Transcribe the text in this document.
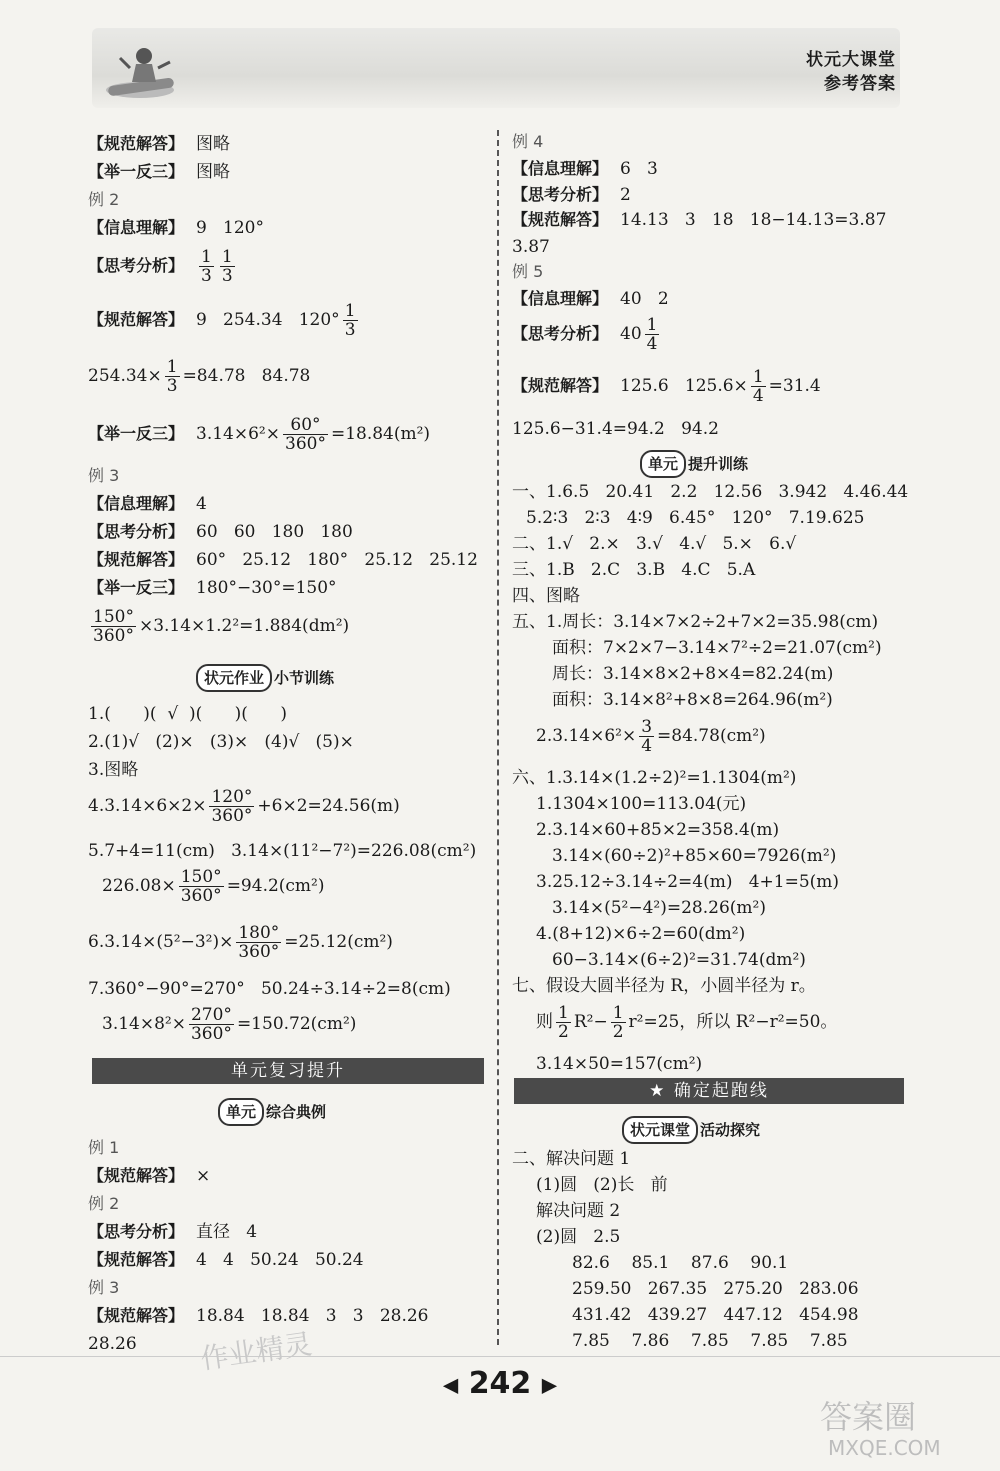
状元大课堂
参考答案
【规范解答】 图略
【举一反三】 图略
例 2
【信息理解】 9   120°
【思考分析】 $\frac{1}{3} \frac{1}{3}$
【规范解答】 9   254.34   $120^\circ \frac{1}{3}$
$254.34\times \frac{1}{3} =84.78$   84.78
【举一反三】 $3.14\times 6^2\times \frac{60^\circ}{360^\circ} =18.84(m^2)$
例 3
【信息理解】 4
【思考分析】 60   60   180   180
【规范解答】 60°   25.12   180°   25.12   25.12
【举一反三】 180°−30°=150°
$\frac{150^\circ}{360^\circ} \times 3.14\times 1.2^2=1.884(dm^2)$
1.(      )(  √  )(      )(      )
2.(1)√   (2)×   (3)×   (4)√   (5)×
3.图略
$4.3.14\times 6\times 2\times \frac{120^\circ}{360^\circ} +6\times 2=24.56(m)$
5.7+4=11(cm)   3.14×(11²−7²)=226.08(cm²)
$226.08\times \frac{150^\circ}{360^\circ} =94.2(cm^2)$
$6.3.14\times(5^2-3^2)\times \frac{180^\circ}{360^\circ} =25.12(cm^2)$
7.360°−90°=270°   50.24÷3.14÷2=8(cm)
$3.14\times 8^2\times \frac{270^\circ}{360^\circ} =150.72(cm^2)$
例 1
【规范解答】 ×
例 2
【思考分析】 直径   4
【规范解答】 4   4   50.24   50.24
例 3
【规范解答】 18.84   18.84   3   3   28.26
28.26
例 4
【信息理解】 6   3
【思考分析】 2
【规范解答】 14.13   3   18   18−14.13=3.87
3.87
例 5
【信息理解】 40   2
【思考分析】 $40 \frac{1}{4}$
【规范解答】 125.6   $125.6\times \frac{1}{4} =31.4$
125.6−31.4=94.2   94.2
一、1.6.5   20.41   2.2   12.56   3.942   4.46.44
5.2∶3   2∶3   4∶9   6.45°   120°   7.19.625
二、1.√   2.×   3.√   4.√   5.×   6.√
三、1.B   2.C   3.B   4.C   5.A
四、图略
五、1.周长：3.14×7×2÷2+7×2=35.98(cm)
面积：7×2×7−3.14×7²÷2=21.07(cm²)
周长：3.14×8×2+8×4=82.24(m)
面积：3.14×8²+8×8=264.96(m²)
$2.3.14\times 6^2\times \frac{3}{4} =84.78(cm^2)$
六、1.3.14×(1.2÷2)²=1.1304(m²)
1.1304×100=113.04(元)
2.3.14×60+85×2=358.4(m)
3.14×(60÷2)²+85×60=7926(m²)
3.25.12÷3.14÷2=4(m)   4+1=5(m)
3.14×(5²−4²)=28.26(m²)
4.(8+12)×6÷2=60(dm²)
60−3.14×(6÷2)²=31.74(dm²)
七、假设大圆半径为 R，小圆半径为 r。
则 $\frac{1}{2} R^2- \frac{1}{2} r^2=25$，所以 R²−r²=50。
3.14×50=157(cm²)
二、解决问题 1
(1)圆   (2)长   前
解决问题 2
(2)圆   2.5
82.6    85.1    87.6    90.1
259.50   267.35   275.20   283.06
431.42   439.27   447.12   454.98
7.85    7.86    7.85    7.85    7.85
状元作业 小节训练
单元复习提升
单元 综合典例
单元 提升训练
★ 确定起跑线
状元课堂 活动探究
◀ 242 ▶
作业精灵
答案圈
MXQE.COM
